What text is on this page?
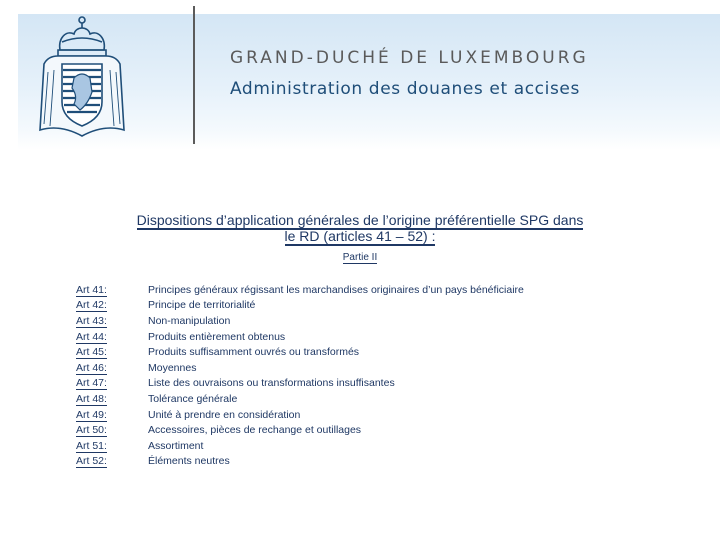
GRAND-DUCHÉ DE LUXEMBOURG
Administration des douanes et accises
Dispositions d’application générales de l’origine préférentielle SPG dans
le RD (articles 41 – 52) :
Partie II
Art 41:	Principes généraux régissant les marchandises originaires d’un pays bénéficiaire
Art 42:	Principe de territorialité
Art 43:	Non-manipulation
Art 44:	Produits entièrement obtenus
Art 45:	Produits suffisamment ouvrés ou transformés
Art 46:	Moyennes
Art 47:	Liste des ouvraisons ou transformations insuffisantes
Art 48:	Tolérance générale
Art 49:	Unité à prendre en considération
Art 50:	Accessoires, pièces de rechange et outillages
Art 51:	Assortiment
Art 52:	Éléments neutres
